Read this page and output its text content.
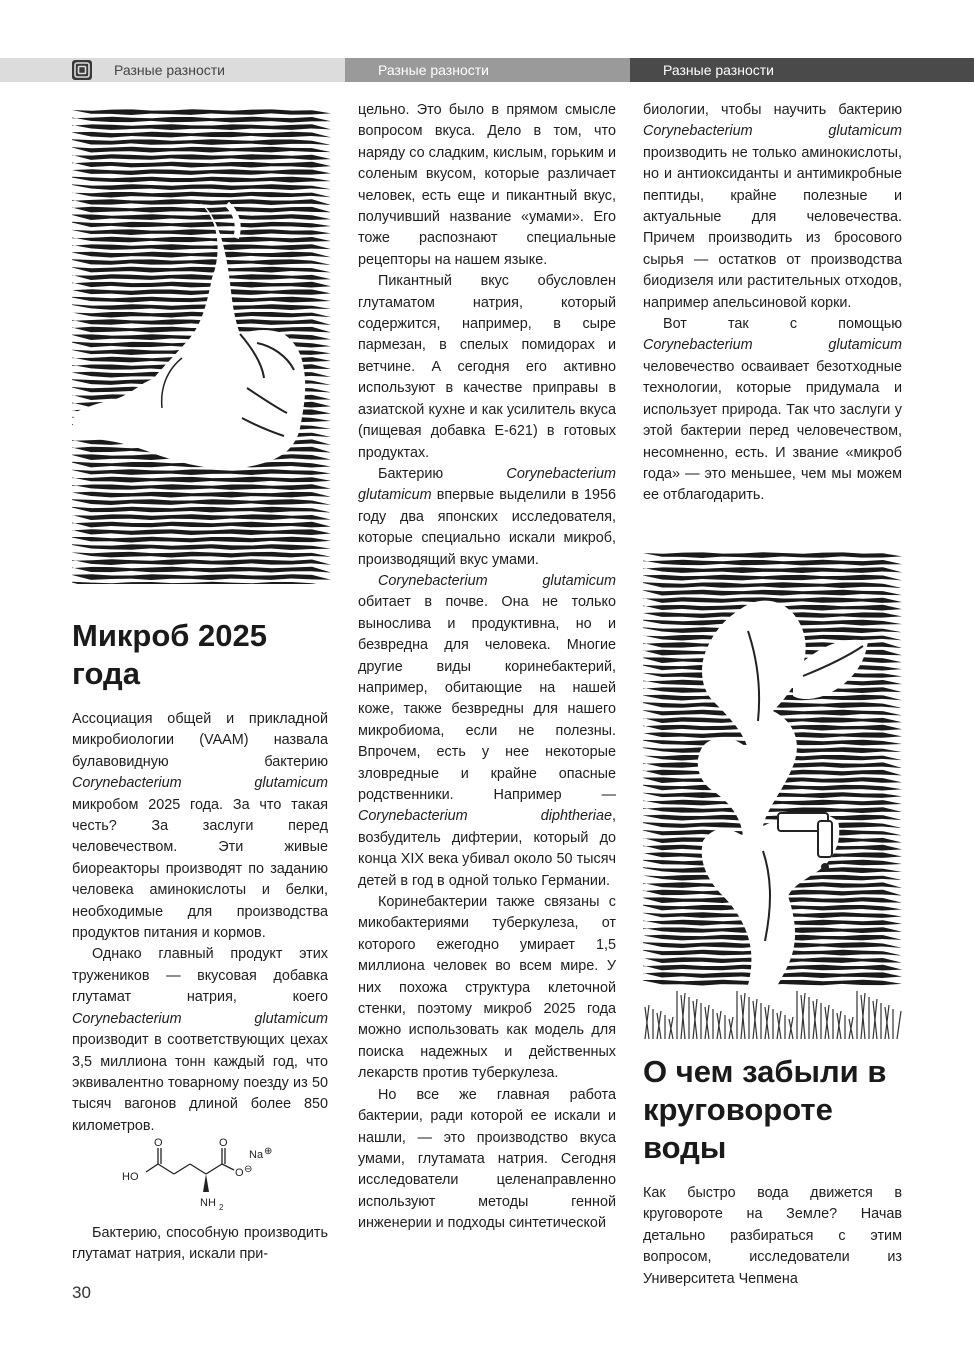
Разные разности	Разные разности	Разные разности
Микроб 2025 года

Ассоциация общей и прикладной микробиологии (VAAM) назвала булавовидную бактерию Corynebacterium glutamicum микробом 2025 года. За что такая честь? За заслуги перед человечеством. Эти живые биореакторы производят по заданию человека аминокислоты и белки, необходимые для производства продуктов питания и кормов.

Однако главный продукт этих тружеников — вкусовая добавка глутамат натрия, коего Corynebacterium glutamicum производит в соответствующих цехах 3,5 миллиона тонн каждый год, что эквивалентно товарному поезду из 50 тысяч вагонов длиной более 850 километров.

HO
O	O
O ⊖
Na ⊕
NH 2

Бактерию, способную производить глутамат натрия, искали при-

30

цельно. Это было в прямом смысле вопросом вкуса. Дело в том, что наряду со сладким, кислым, горьким и соленым вкусом, которые различает человек, есть еще и пикантный вкус, получивший название «умами». Его тоже распознают специальные рецепторы на нашем языке.

Пикантный вкус обусловлен глутаматом натрия, который содержится, например, в сыре пармезан, в спелых помидорах и ветчине. А сегодня его активно используют в качестве приправы в азиатской кухне и как усилитель вкуса (пищевая добавка E-621) в готовых продуктах.

Бактерию Corynebacterium glutamicum впервые выделили в 1956 году два японских исследователя, которые специально искали микроб, производящий вкус умами.

Corynebacterium glutamicum обитает в почве. Она не только вынослива и продуктивна, но и безвредна для человека. Многие другие виды коринебактерий, например, обитающие на нашей коже, также безвредны для нашего микробиома, если не полезны. Впрочем, есть у нее некоторые зловредные и крайне опасные родственники. Например — Corynebacterium diphtheriae, возбудитель дифтерии, который до конца XIX века убивал около 50 тысяч детей в год в одной только Германии.

Коринебактерии также связаны с микобактериями туберкулеза, от которого ежегодно умирает 1,5 миллиона человек во всем мире. У них похожа структура клеточной стенки, поэтому микроб 2025 года можно использовать как модель для поиска надежных и действенных лекарств против туберкулеза.

Но все же главная работа бактерии, ради которой ее искали и нашли, — это производство вкуса умами, глутамата натрия. Сегодня исследователи целенаправленно используют методы генной инженерии и подходы синтетической

биологии, чтобы научить бактерию Corynebacterium glutamicum производить не только аминокислоты, но и антиоксиданты и антимикробные пептиды, крайне полезные и актуальные для человечества. Причем производить из бросового сырья — остатков от производства биодизеля или растительных отходов, например апельсиновой корки.

Вот так с помощью Corynebacterium glutamicum человечество осваивает безотходные технологии, которые придумала и использует природа. Так что заслуги у этой бактерии перед человечеством, несомненно, есть. И звание «микроб года» — это меньшее, чем мы можем ее отблагодарить.

О чем забыли в круговороте воды

Как быстро вода движется в круговороте на Земле? Начав детально разбираться с этим вопросом, исследователи из Университета Чепмена
